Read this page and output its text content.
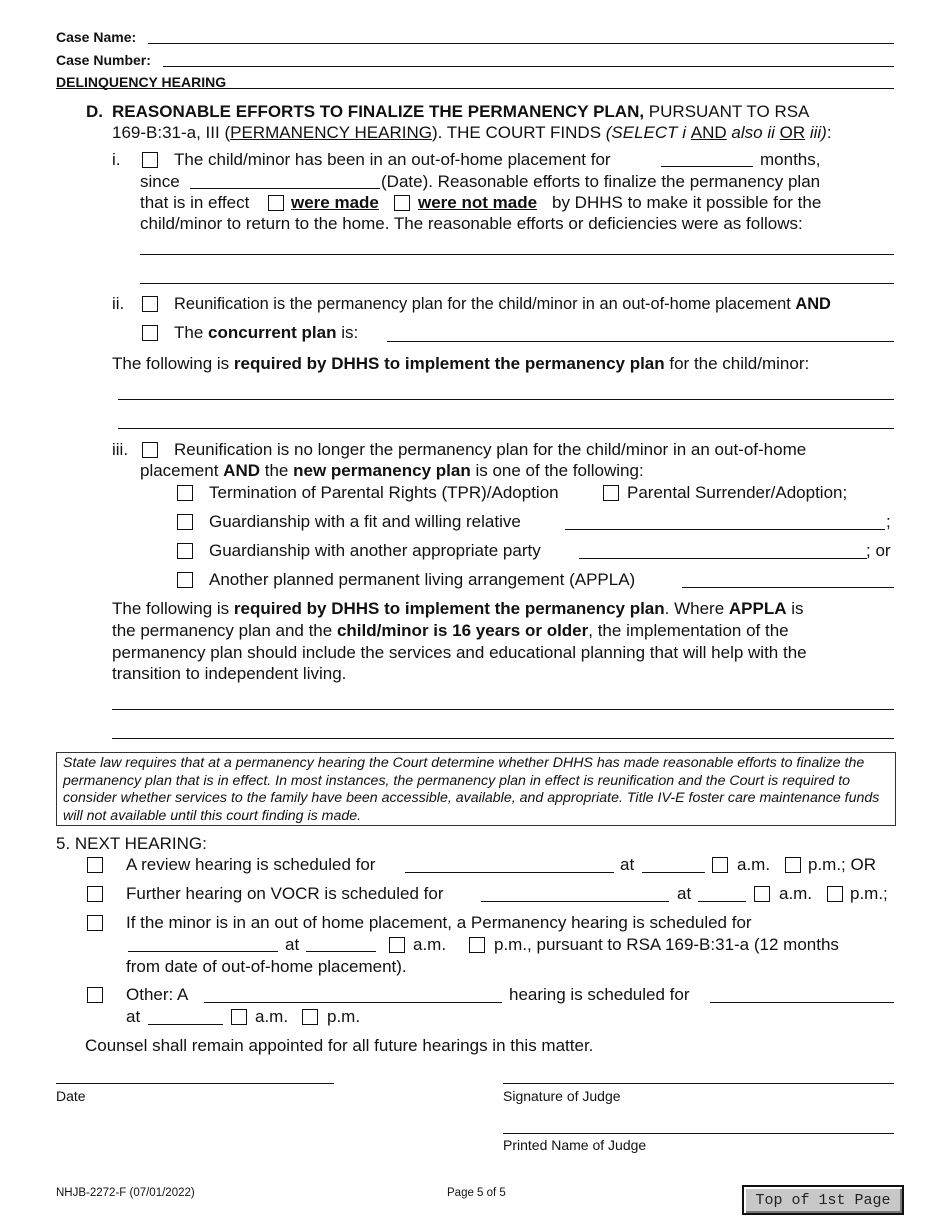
Case Name:
Case Number:
DELINQUENCY HEARING
D. REASONABLE EFFORTS TO FINALIZE THE PERMANENCY PLAN, PURSUANT TO RSA
169-B:31-a, III (PERMANENCY HEARING). THE COURT FINDS (SELECT i AND also ii OR iii):
i.	The child/minor has been in an out-of-home placement for	months,
since	(Date). Reasonable efforts to finalize the permanency plan
that is in effect were made were not made by DHHS to make it possible for the
child/minor to return to the home. The reasonable efforts or deficiencies were as follows:
ii.	Reunification is the permanency plan for the child/minor in an out-of-home placement AND
The concurrent plan is:
The following is required by DHHS to implement the permanency plan for the child/minor:
iii.	Reunification is no longer the permanency plan for the child/minor in an out-of-home
placement AND the new permanency plan is one of the following:
Termination of Parental Rights (TPR)/Adoption	Parental Surrender/Adoption;
Guardianship with a fit and willing relative	;
Guardianship with another appropriate party	; or
Another planned permanent living arrangement (APPLA)
The following is required by DHHS to implement the permanency plan. Where APPLA is
the permanency plan and the child/minor is 16 years or older, the implementation of the
permanency plan should include the services and educational planning that will help with the
transition to independent living.
State law requires that at a permanency hearing the Court determine whether DHHS has made reasonable efforts to finalize the permanency plan that is in effect. In most instances, the permanency plan in effect is reunification and the Court is required to consider whether services to the family have been accessible, available, and appropriate. Title IV-E foster care maintenance funds will not available until this court finding is made.
5. NEXT HEARING:
A review hearing is scheduled for	at	a.m. p.m.; OR
Further hearing on VOCR is scheduled for	at	a.m. p.m.;
If the minor is in an out of home placement, a Permanency hearing is scheduled for
at	a.m.	p.m., pursuant to RSA 169-B:31-a (12 months
from date of out-of-home placement).
Other: A	hearing is scheduled for
at	a.m. p.m.
Counsel shall remain appointed for all future hearings in this matter.
Date	Signature of Judge
Printed Name of Judge
NHJB-2272-F (07/01/2022)	Page 5 of 5	Top of 1st Page
